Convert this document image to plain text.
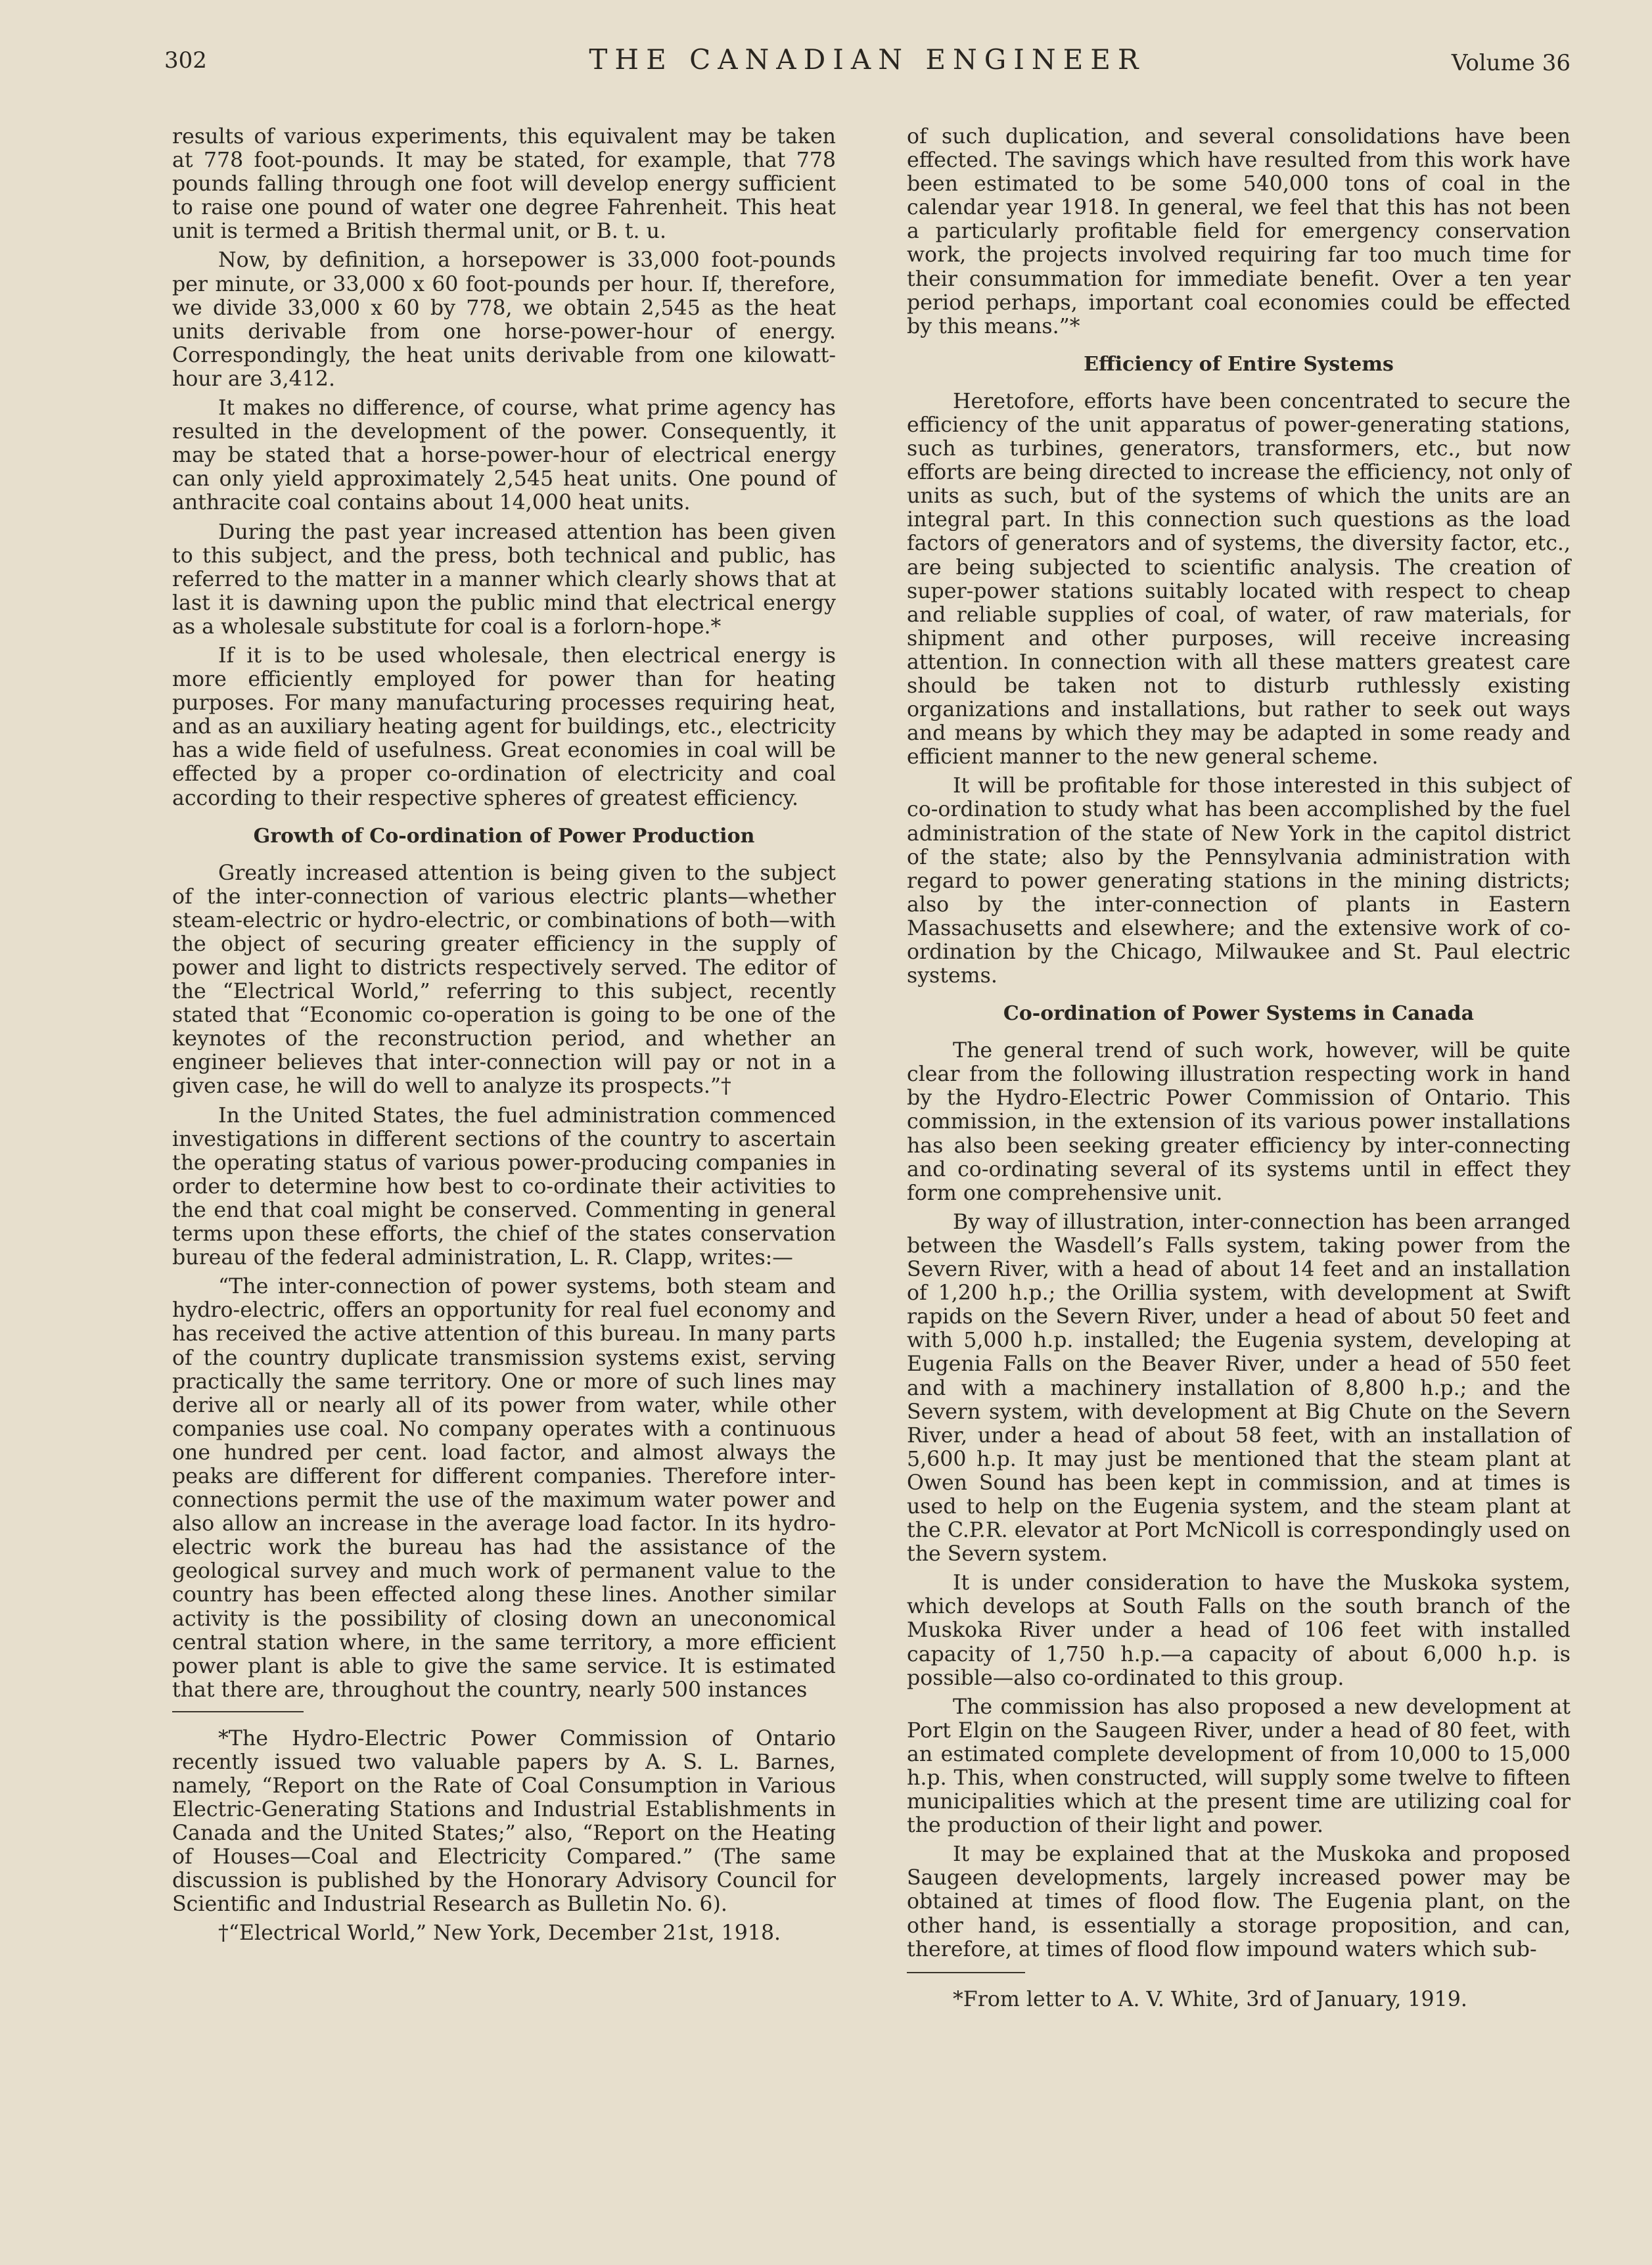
302	THE CANADIAN ENGINEER	Volume 36

results of various experiments, this equivalent may be taken at 778 foot-pounds. It may be stated, for example, that 778 pounds falling through one foot will develop energy sufficient to raise one pound of water one degree Fahrenheit. This heat unit is termed a British thermal unit, or B. t. u.

Now, by definition, a horsepower is 33,000 foot-pounds per minute, or 33,000 x 60 foot-pounds per hour. If, therefore, we divide 33,000 x 60 by 778, we obtain 2,545 as the heat units derivable from one horse-power-hour of energy. Correspondingly, the heat units derivable from one kilowatt-hour are 3,412.

It makes no difference, of course, what prime agency has resulted in the development of the power. Consequently, it may be stated that a horse-power-hour of electrical energy can only yield approximately 2,545 heat units. One pound of anthracite coal contains about 14,000 heat units.

During the past year increased attention has been given to this subject, and the press, both technical and public, has referred to the matter in a manner which clearly shows that at last it is dawning upon the public mind that electrical energy as a wholesale substitute for coal is a forlorn-hope.*

If it is to be used wholesale, then electrical energy is more efficiently employed for power than for heating purposes. For many manufacturing processes requiring heat, and as an auxiliary heating agent for buildings, etc., electricity has a wide field of usefulness. Great economies in coal will be effected by a proper co-ordination of electricity and coal according to their respective spheres of greatest efficiency.

Growth of Co-ordination of Power Production

Greatly increased attention is being given to the subject of the inter-connection of various electric plants—whether steam-electric or hydro-electric, or combinations of both—with the object of securing greater efficiency in the supply of power and light to districts respectively served. The editor of the “Electrical World,” referring to this subject, recently stated that “Economic co-operation is going to be one of the keynotes of the reconstruction period, and whether an engineer believes that inter-connection will pay or not in a given case, he will do well to analyze its prospects.”†

In the United States, the fuel administration commenced investigations in different sections of the country to ascertain the operating status of various power-producing companies in order to determine how best to co-ordinate their activities to the end that coal might be conserved. Commenting in general terms upon these efforts, the chief of the states conservation bureau of the federal administration, L. R. Clapp, writes:—

“The inter-connection of power systems, both steam and hydro-electric, offers an opportunity for real fuel economy and has received the active attention of this bureau. In many parts of the country duplicate transmission systems exist, serving practically the same territory. One or more of such lines may derive all or nearly all of its power from water, while other companies use coal. No company operates with a continuous one hundred per cent. load factor, and almost always the peaks are different for different companies. Therefore inter-connections permit the use of the maximum water power and also allow an increase in the average load factor. In its hydro-electric work the bureau has had the assistance of the geological survey and much work of permanent value to the country has been effected along these lines. Another similar activity is the possibility of closing down an uneconomical central station where, in the same territory, a more efficient power plant is able to give the same service. It is estimated that there are, throughout the country, nearly 500 instances

*The Hydro-Electric Power Commission of Ontario recently issued two valuable papers by A. S. L. Barnes, namely, “Report on the Rate of Coal Consumption in Various Electric-Generating Stations and Industrial Establishments in Canada and the United States;” also, “Report on the Heating of Houses—Coal and Electricity Compared.” (The same discussion is published by the Honorary Advisory Council for Scientific and Industrial Research as Bulletin No. 6).

†“Electrical World,” New York, December 21st, 1918.

of such duplication, and several consolidations have been effected. The savings which have resulted from this work have been estimated to be some 540,000 tons of coal in the calendar year 1918. In general, we feel that this has not been a particularly profitable field for emergency conservation work, the projects involved requiring far too much time for their consummation for immediate benefit. Over a ten year period perhaps, important coal economies could be effected by this means.”*

Efficiency of Entire Systems

Heretofore, efforts have been concentrated to secure the efficiency of the unit apparatus of power-generating stations, such as turbines, generators, transformers, etc., but now efforts are being directed to increase the efficiency, not only of units as such, but of the systems of which the units are an integral part. In this connection such questions as the load factors of generators and of systems, the diversity factor, etc., are being subjected to scientific analysis. The creation of super-power stations suitably located with respect to cheap and reliable supplies of coal, of water, of raw materials, for shipment and other purposes, will receive increasing attention. In connection with all these matters greatest care should be taken not to disturb ruthlessly existing organizations and installations, but rather to seek out ways and means by which they may be adapted in some ready and efficient manner to the new general scheme.

It will be profitable for those interested in this subject of co-ordination to study what has been accomplished by the fuel administration of the state of New York in the capitol district of the state; also by the Pennsylvania administration with regard to power generating stations in the mining districts; also by the inter-connection of plants in Eastern Massachusetts and elsewhere; and the extensive work of co-ordination by the Chicago, Milwaukee and St. Paul electric systems.

Co-ordination of Power Systems in Canada

The general trend of such work, however, will be quite clear from the following illustration respecting work in hand by the Hydro-Electric Power Commission of Ontario. This commission, in the extension of its various power installations has also been seeking greater efficiency by inter-connecting and co-ordinating several of its systems until in effect they form one comprehensive unit.

By way of illustration, inter-connection has been arranged between the Wasdell’s Falls system, taking power from the Severn River, with a head of about 14 feet and an installation of 1,200 h.p.; the Orillia system, with development at Swift rapids on the Severn River, under a head of about 50 feet and with 5,000 h.p. installed; the Eugenia system, developing at Eugenia Falls on the Beaver River, under a head of 550 feet and with a machinery installation of 8,800 h.p.; and the Severn system, with development at Big Chute on the Severn River, under a head of about 58 feet, with an installation of 5,600 h.p. It may just be mentioned that the steam plant at Owen Sound has been kept in commission, and at times is used to help on the Eugenia system, and the steam plant at the C.P.R. elevator at Port McNicoll is correspondingly used on the Severn system.

It is under consideration to have the Muskoka system, which develops at South Falls on the south branch of the Muskoka River under a head of 106 feet with installed capacity of 1,750 h.p.—a capacity of about 6,000 h.p. is possible—also co-ordinated to this group.

The commission has also proposed a new development at Port Elgin on the Saugeen River, under a head of 80 feet, with an estimated complete development of from 10,000 to 15,000 h.p. This, when constructed, will supply some twelve to fifteen municipalities which at the present time are utilizing coal for the production of their light and power.

It may be explained that at the Muskoka and proposed Saugeen developments, largely increased power may be obtained at times of flood flow. The Eugenia plant, on the other hand, is essentially a storage proposition, and can, therefore, at times of flood flow impound waters which sub-

*From letter to A. V. White, 3rd of January, 1919.
